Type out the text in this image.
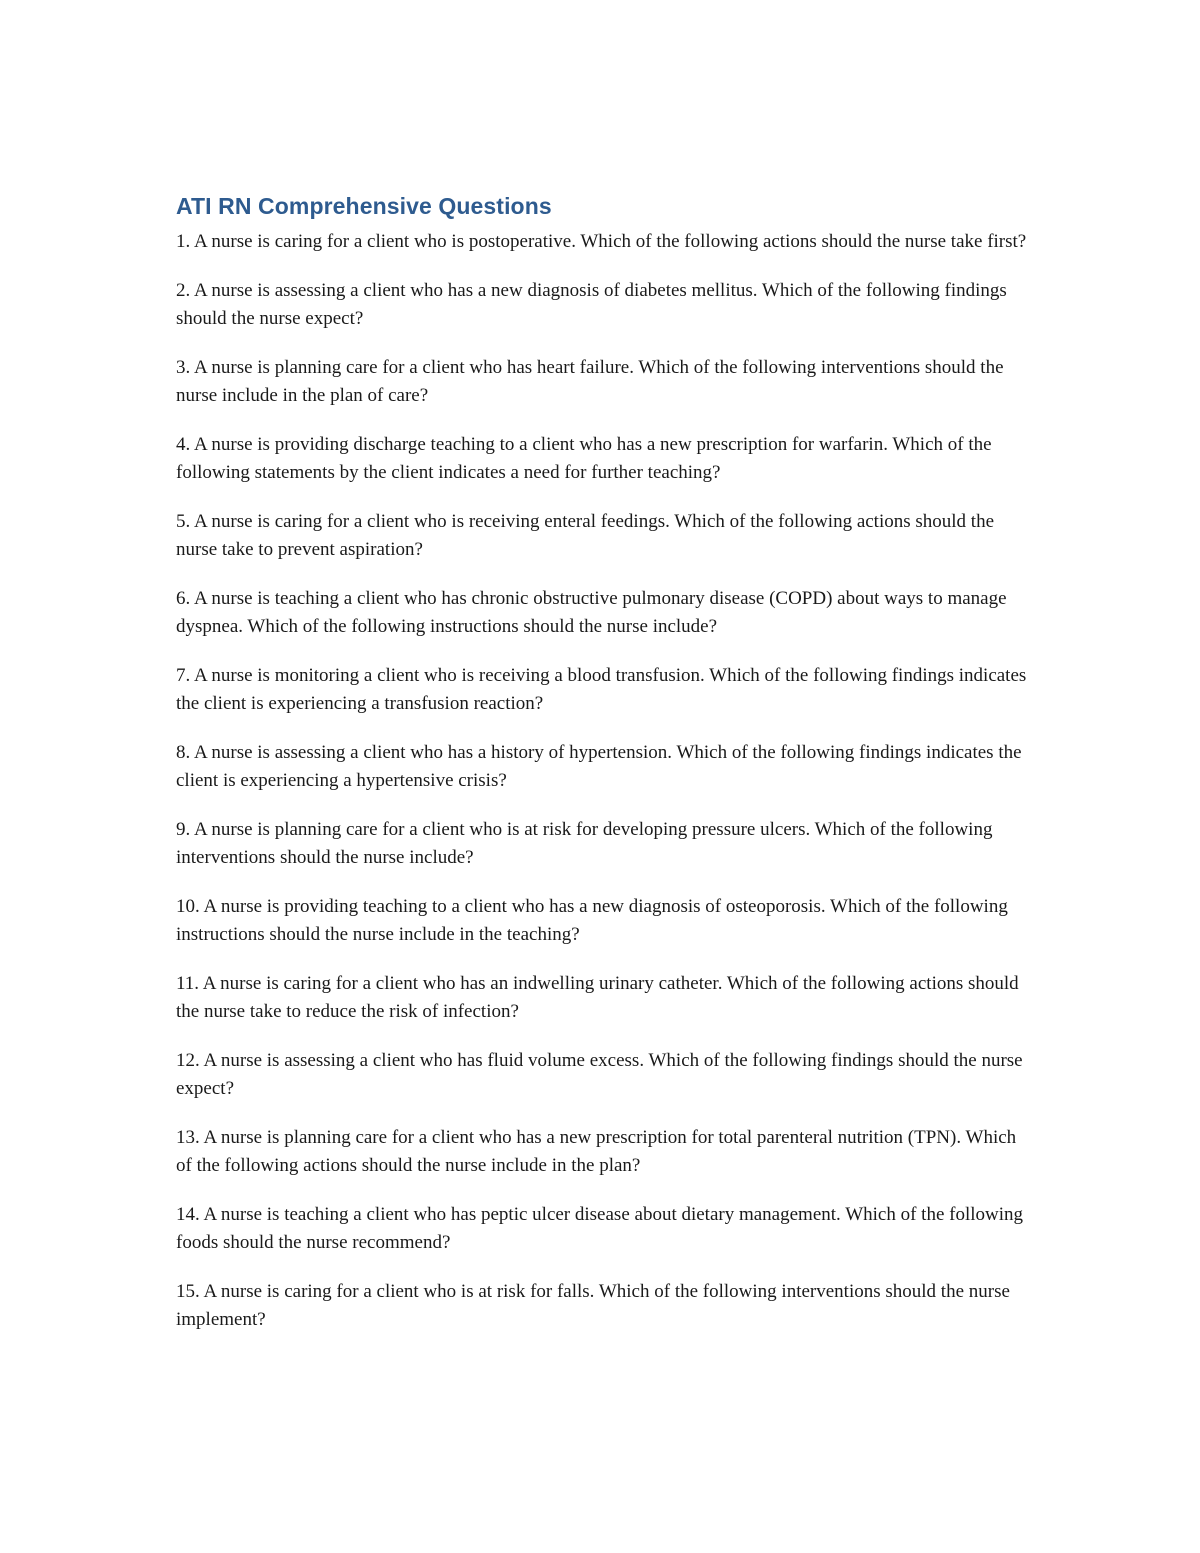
ATI RN Comprehensive Questions

1. A nurse is caring for a client who is postoperative. Which of the following actions should the nurse take first?

2. A nurse is assessing a client who has a new diagnosis of diabetes mellitus. Which of the following findings should the nurse expect?

3. A nurse is planning care for a client who has heart failure. Which of the following interventions should the nurse include in the plan of care?

4. A nurse is providing discharge teaching to a client who has a new prescription for warfarin. Which of the following statements by the client indicates a need for further teaching?

5. A nurse is caring for a client who is receiving enteral feedings. Which of the following actions should the nurse take to prevent aspiration?

6. A nurse is teaching a client who has chronic obstructive pulmonary disease (COPD) about ways to manage dyspnea. Which of the following instructions should the nurse include?

7. A nurse is monitoring a client who is receiving a blood transfusion. Which of the following findings indicates the client is experiencing a transfusion reaction?

8. A nurse is assessing a client who has a history of hypertension. Which of the following findings indicates the client is experiencing a hypertensive crisis?

9. A nurse is planning care for a client who is at risk for developing pressure ulcers. Which of the following interventions should the nurse include?

10. A nurse is providing teaching to a client who has a new diagnosis of osteoporosis. Which of the following instructions should the nurse include in the teaching?

11. A nurse is caring for a client who has an indwelling urinary catheter. Which of the following actions should the nurse take to reduce the risk of infection?

12. A nurse is assessing a client who has fluid volume excess. Which of the following findings should the nurse expect?

13. A nurse is planning care for a client who has a new prescription for total parenteral nutrition (TPN). Which of the following actions should the nurse include in the plan?

14. A nurse is teaching a client who has peptic ulcer disease about dietary management. Which of the following foods should the nurse recommend?

15. A nurse is caring for a client who is at risk for falls. Which of the following interventions should the nurse implement?
